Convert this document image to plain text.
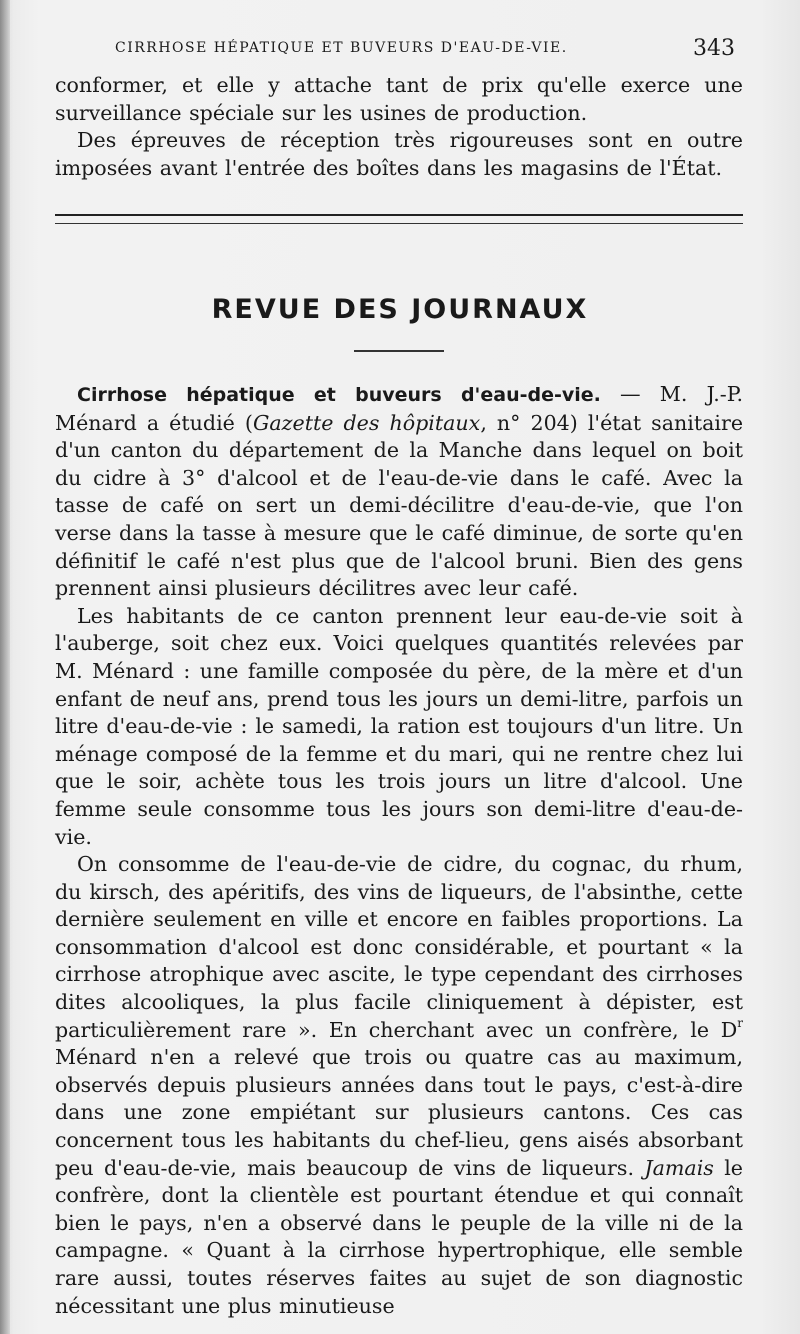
CIRRHOSE HÉPATIQUE ET BUVEURS D'EAU-DE-VIE.	343

conformer, et elle y attache tant de prix qu'elle exerce une surveillance spéciale sur les usines de production.

Des épreuves de réception très rigoureuses sont en outre imposées avant l'entrée des boîtes dans les magasins de l'État.

REVUE DES JOURNAUX

Cirrhose hépatique et buveurs d'eau-de-vie. — M. J.-P. Ménard a étudié (Gazette des hôpitaux, n° 204) l'état sanitaire d'un canton du département de la Manche dans lequel on boit du cidre à 3° d'alcool et de l'eau-de-vie dans le café. Avec la tasse de café on sert un demi-décilitre d'eau-de-vie, que l'on verse dans la tasse à mesure que le café diminue, de sorte qu'en définitif le café n'est plus que de l'alcool bruni. Bien des gens prennent ainsi plusieurs décilitres avec leur café.

Les habitants de ce canton prennent leur eau-de-vie soit à l'auberge, soit chez eux. Voici quelques quantités relevées par M. Ménard : une famille composée du père, de la mère et d'un enfant de neuf ans, prend tous les jours un demi-litre, parfois un litre d'eau-de-vie : le samedi, la ration est toujours d'un litre. Un ménage composé de la femme et du mari, qui ne rentre chez lui que le soir, achète tous les trois jours un litre d'alcool. Une femme seule consomme tous les jours son demi-litre d'eau-de-vie.

On consomme de l'eau-de-vie de cidre, du cognac, du rhum, du kirsch, des apéritifs, des vins de liqueurs, de l'absinthe, cette dernière seulement en ville et encore en faibles proportions. La consommation d'alcool est donc considérable, et pourtant « la cirrhose atrophique avec ascite, le type cependant des cirrhoses dites alcooliques, la plus facile cliniquement à dépister, est particulièrement rare ». En cherchant avec un confrère, le $D^r$ Ménard n'en a relevé que trois ou quatre cas au maximum, observés depuis plusieurs années dans tout le pays, c'est-à-dire dans une zone empiétant sur plusieurs cantons. Ces cas concernent tous les habitants du chef-lieu, gens aisés absorbant peu d'eau-de-vie, mais beaucoup de vins de liqueurs. Jamais le confrère, dont la clientèle est pourtant étendue et qui connaît bien le pays, n'en a observé dans le peuple de la ville ni de la campagne. « Quant à la cirrhose hypertrophique, elle semble rare aussi, toutes réserves faites au sujet de son diagnostic nécessitant une plus minutieuse
